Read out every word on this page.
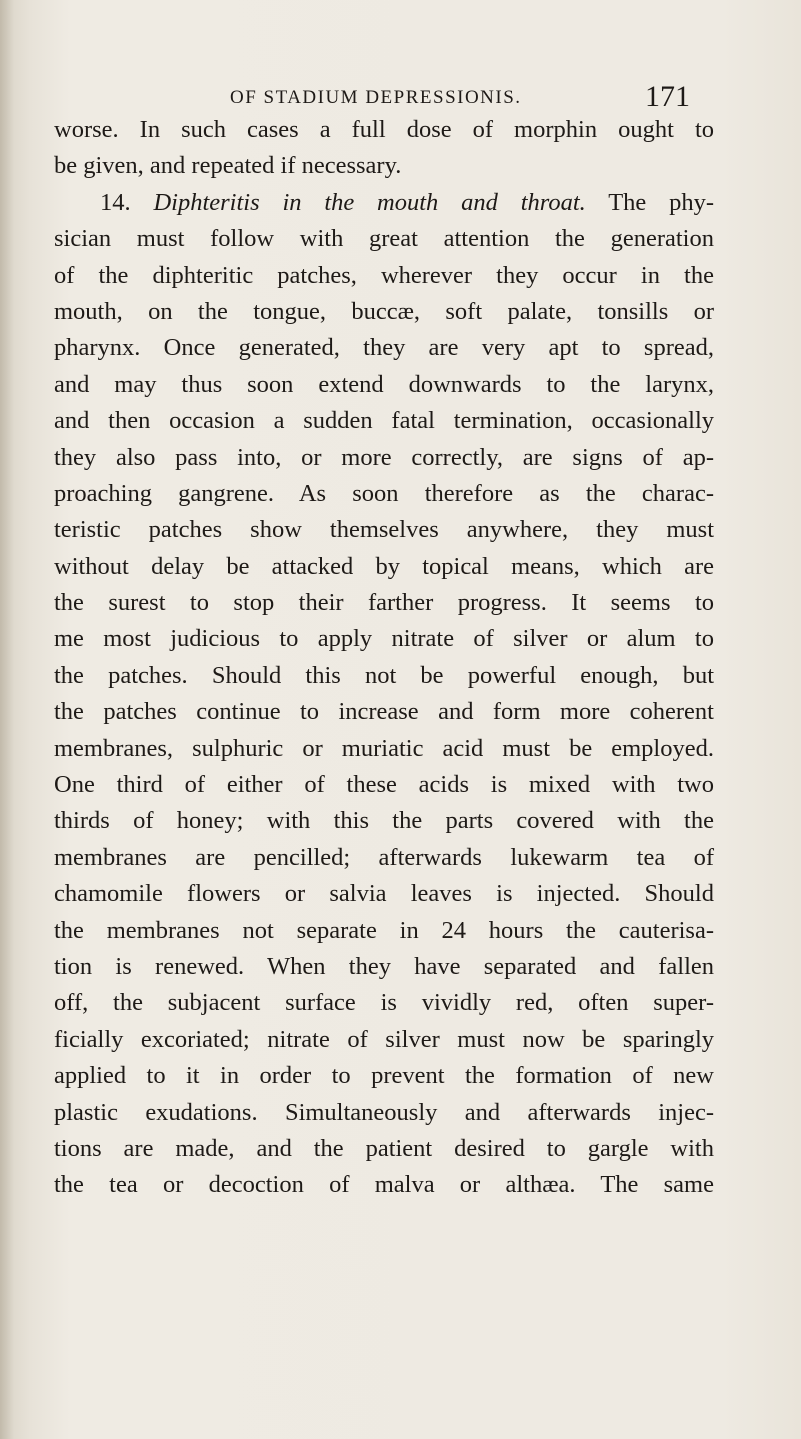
OF STADIUM DEPRESSIONIS.	171
worse. In such cases a full dose of morphin ought to
be given, and repeated if necessary.
14. Diphteritis in the mouth and throat. The phy-
sician must follow with great attention the generation
of the diphteritic patches, wherever they occur in the
mouth, on the tongue, buccæ, soft palate, tonsills or
pharynx. Once generated, they are very apt to spread,
and may thus soon extend downwards to the larynx,
and then occasion a sudden fatal termination, occasionally
they also pass into, or more correctly, are signs of ap-
proaching gangrene. As soon therefore as the charac-
teristic patches show themselves anywhere, they must
without delay be attacked by topical means, which are
the surest to stop their farther progress. It seems to
me most judicious to apply nitrate of silver or alum to
the patches. Should this not be powerful enough, but
the patches continue to increase and form more coherent
membranes, sulphuric or muriatic acid must be employed.
One third of either of these acids is mixed with two
thirds of honey; with this the parts covered with the
membranes are pencilled; afterwards lukewarm tea of
chamomile flowers or salvia leaves is injected. Should
the membranes not separate in 24 hours the cauterisa-
tion is renewed. When they have separated and fallen
off, the subjacent surface is vividly red, often super-
ficially excoriated; nitrate of silver must now be sparingly
applied to it in order to prevent the formation of new
plastic exudations. Simultaneously and afterwards injec-
tions are made, and the patient desired to gargle with
the tea or decoction of malva or althæa. The same
